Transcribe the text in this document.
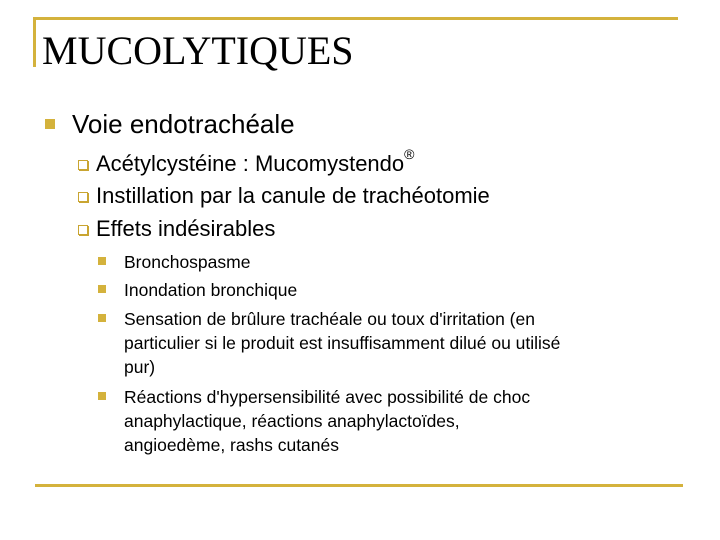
MUCOLYTIQUES
Voie endotrachéale
Acétylcystéine : Mucomystendo®
Instillation par la canule de trachéotomie
Effets indésirables
Bronchospasme
Inondation bronchique
Sensation de brûlure trachéale ou toux d'irritation (en
particulier si le produit est insuffisamment dilué ou utilisé
pur)
Réactions d'hypersensibilité avec possibilité de choc
anaphylactique, réactions anaphylactoïdes,
angioedème, rashs cutanés
